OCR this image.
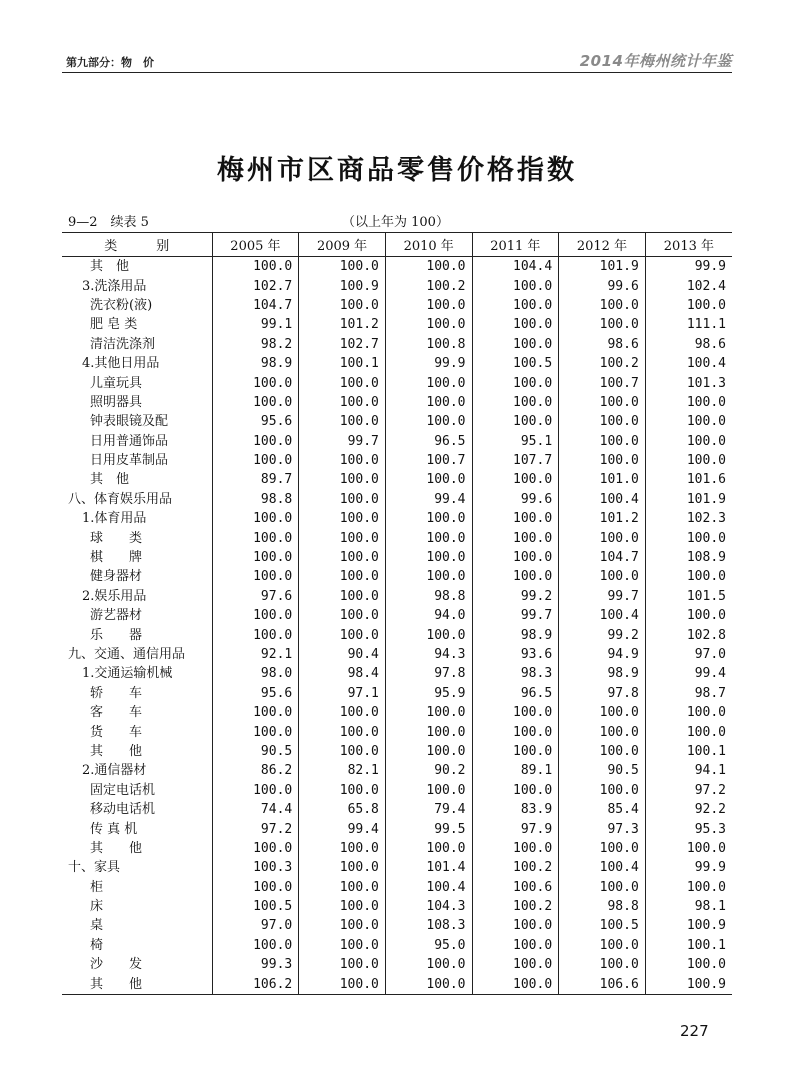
第九部分：物　价	2014年梅州统计年鉴
梅州市区商品零售价格指数
9—2　续表 5	（以上年为 100）
类　　　别	2005 年	2009 年	2010 年	2011 年	2012 年	2013 年
其　他	100.0	100.0	100.0	104.4	101.9	99.9
3.洗涤用品	102.7	100.9	100.2	100.0	99.6	102.4
洗衣粉(液)	104.7	100.0	100.0	100.0	100.0	100.0
肥 皂 类	99.1	101.2	100.0	100.0	100.0	111.1
清洁洗涤剂	98.2	102.7	100.8	100.0	98.6	98.6
4.其他日用品	98.9	100.1	99.9	100.5	100.2	100.4
儿童玩具	100.0	100.0	100.0	100.0	100.7	101.3
照明器具	100.0	100.0	100.0	100.0	100.0	100.0
钟表眼镜及配	95.6	100.0	100.0	100.0	100.0	100.0
日用普通饰品	100.0	99.7	96.5	95.1	100.0	100.0
日用皮革制品	100.0	100.0	100.7	107.7	100.0	100.0
其　他	89.7	100.0	100.0	100.0	101.0	101.6
八、体育娱乐用品	98.8	100.0	99.4	99.6	100.4	101.9
1.体育用品	100.0	100.0	100.0	100.0	101.2	102.3
球　　类	100.0	100.0	100.0	100.0	100.0	100.0
棋　　牌	100.0	100.0	100.0	100.0	104.7	108.9
健身器材	100.0	100.0	100.0	100.0	100.0	100.0
2.娱乐用品	97.6	100.0	98.8	99.2	99.7	101.5
游艺器材	100.0	100.0	94.0	99.7	100.4	100.0
乐　　器	100.0	100.0	100.0	98.9	99.2	102.8
九、交通、通信用品	92.1	90.4	94.3	93.6	94.9	97.0
1.交通运输机械	98.0	98.4	97.8	98.3	98.9	99.4
轿　　车	95.6	97.1	95.9	96.5	97.8	98.7
客　　车	100.0	100.0	100.0	100.0	100.0	100.0
货　　车	100.0	100.0	100.0	100.0	100.0	100.0
其　　他	90.5	100.0	100.0	100.0	100.0	100.1
2.通信器材	86.2	82.1	90.2	89.1	90.5	94.1
固定电话机	100.0	100.0	100.0	100.0	100.0	97.2
移动电话机	74.4	65.8	79.4	83.9	85.4	92.2
传 真 机	97.2	99.4	99.5	97.9	97.3	95.3
其　　他	100.0	100.0	100.0	100.0	100.0	100.0
十、家具	100.3	100.0	101.4	100.2	100.4	99.9
柜	100.0	100.0	100.4	100.6	100.0	100.0
床	100.5	100.0	104.3	100.2	98.8	98.1
桌	97.0	100.0	108.3	100.0	100.5	100.9
椅	100.0	100.0	95.0	100.0	100.0	100.1
沙　　发	99.3	100.0	100.0	100.0	100.0	100.0
其　　他	106.2	100.0	100.0	100.0	106.6	100.9
227
